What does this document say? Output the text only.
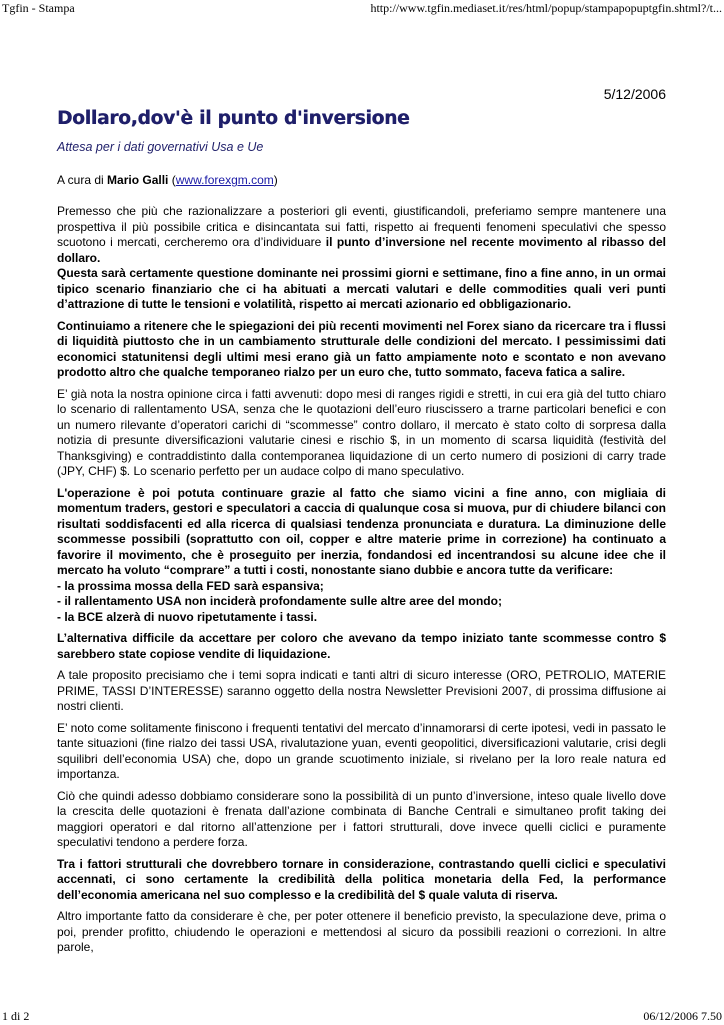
Tgfin - Stampa	http://www.tgfin.mediaset.it/res/html/popup/stampapopuptgfin.shtml?/t...
5/12/2006
Dollaro,dov'è il punto d'inversione
Attesa per i dati governativi Usa e Ue
A cura di Mario Galli (www.forexgm.com)

Premesso che più che razionalizzare a posteriori gli eventi, giustificandoli, preferiamo sempre mantenere una prospettiva il più possibile critica e disincantata sui fatti, rispetto ai frequenti fenomeni speculativi che spesso scuotono i mercati, cercheremo ora d’individuare il punto d’inversione nel recente movimento al ribasso del dollaro.

Questa sarà certamente questione dominante nei prossimi giorni e settimane, fino a fine anno, in un ormai tipico scenario finanziario che ci ha abituati a mercati valutari e delle commodities quali veri punti d’attrazione di tutte le tensioni e volatilità, rispetto ai mercati azionario ed obbligazionario.

Continuiamo a ritenere che le spiegazioni dei più recenti movimenti nel Forex siano da ricercare tra i flussi di liquidità piuttosto che in un cambiamento strutturale delle condizioni del mercato. I pessimissimi dati economici statunitensi degli ultimi mesi erano già un fatto ampiamente noto e scontato e non avevano prodotto altro che qualche temporaneo rialzo per un euro che, tutto sommato, faceva fatica a salire.

E’ già nota la nostra opinione circa i fatti avvenuti: dopo mesi di ranges rigidi e stretti, in cui era già del tutto chiaro lo scenario di rallentamento USA, senza che le quotazioni dell’euro riuscissero a trarne particolari benefici e con un numero rilevante d’operatori carichi di “scommesse” contro dollaro, il mercato è stato colto di sorpresa dalla notizia di presunte diversificazioni valutarie cinesi e rischio $, in un momento di scarsa liquidità (festività del Thanksgiving) e contraddistinto dalla contemporanea liquidazione di un certo numero di posizioni di carry trade (JPY, CHF) $. Lo scenario perfetto per un audace colpo di mano speculativo.

L'operazione è poi potuta continuare grazie al fatto che siamo vicini a fine anno, con migliaia di momentum traders, gestori e speculatori a caccia di qualunque cosa si muova, pur di chiudere bilanci con risultati soddisfacenti ed alla ricerca di qualsiasi tendenza pronunciata e duratura. La diminuzione delle scommesse possibili (soprattutto con oil, copper e altre materie prime in correzione) ha continuato a favorire il movimento, che è proseguito per inerzia, fondandosi ed incentrandosi su alcune idee che il mercato ha voluto “comprare” a tutti i costi, nonostante siano dubbie e ancora tutte da verificare:
- la prossima mossa della FED sarà espansiva;
- il rallentamento USA non inciderà profondamente sulle altre aree del mondo;
- la BCE alzerà di nuovo ripetutamente i tassi.

L’alternativa difficile da accettare per coloro che avevano da tempo iniziato tante scommesse contro $ sarebbero state copiose vendite di liquidazione.

A tale proposito precisiamo che i temi sopra indicati e tanti altri di sicuro interesse (ORO, PETROLIO, MATERIE PRIME, TASSI D’INTERESSE) saranno oggetto della nostra Newsletter Previsioni 2007, di prossima diffusione ai nostri clienti.

E’ noto come solitamente finiscono i frequenti tentativi del mercato d’innamorarsi di certe ipotesi, vedi in passato le tante situazioni (fine rialzo dei tassi USA, rivalutazione yuan, eventi geopolitici, diversificazioni valutarie, crisi degli squilibri dell’economia USA) che, dopo un grande scuotimento iniziale, si rivelano per la loro reale natura ed importanza.

Ciò che quindi adesso dobbiamo considerare sono la possibilità di un punto d’inversione, inteso quale livello dove la crescita delle quotazioni è frenata dall’azione combinata di Banche Centrali e simultaneo profit taking dei maggiori operatori e dal ritorno all’attenzione per i fattori strutturali, dove invece quelli ciclici e puramente speculativi tendono a perdere forza.

Tra i fattori strutturali che dovrebbero tornare in considerazione, contrastando quelli ciclici e speculativi accennati, ci sono certamente la credibilità della politica monetaria della Fed, la performance dell’economia americana nel suo complesso e la credibilità del $ quale valuta di riserva.

Altro importante fatto da considerare è che, per poter ottenere il beneficio previsto, la speculazione deve, prima o poi, prender profitto, chiudendo le operazioni e mettendosi al sicuro da possibili reazioni o correzioni. In altre parole,

1 di 2	06/12/2006 7.50
